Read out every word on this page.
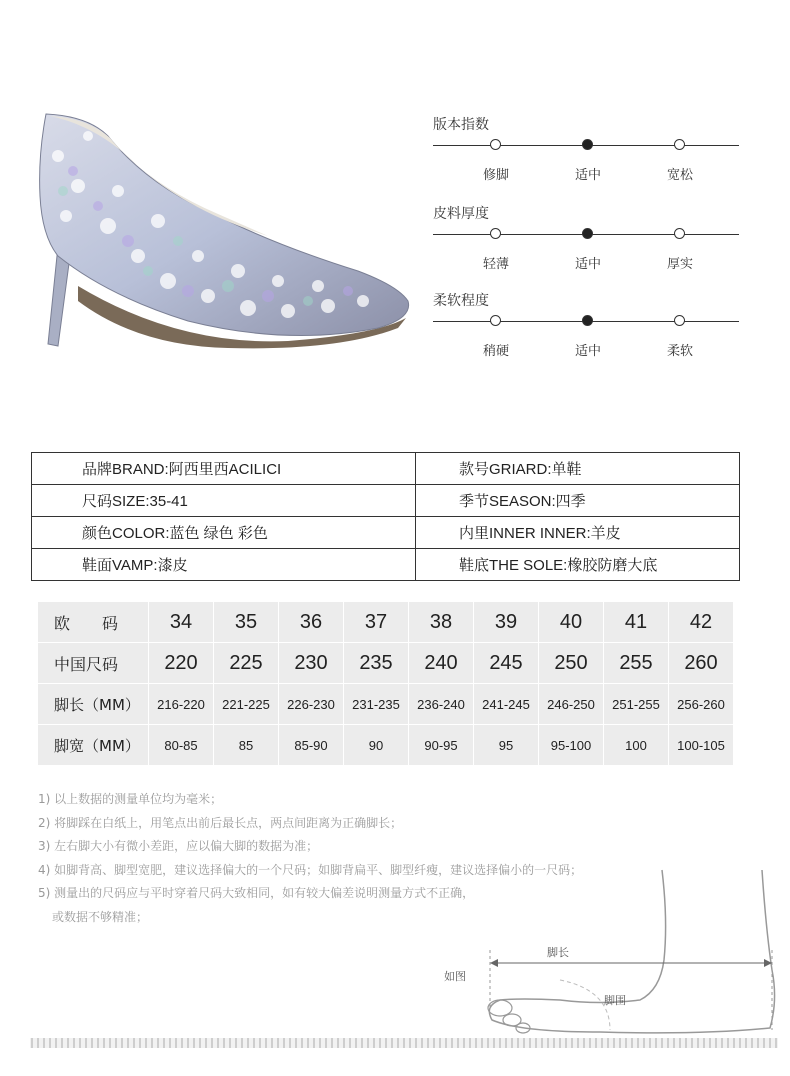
版本指数
修脚	适中	宽松
皮料厚度
轻薄	适中	厚实
柔软程度
稍硬	适中	柔软
品牌BRAND:阿西里西ACILICI	款号GRIARD:单鞋
尺码SIZE:35-41	季节SEASON:四季
颜色COLOR:蓝色 绿色 彩色	内里INNER INNER:羊皮
鞋面VAMP:漆皮	鞋底THE SOLE:橡胶防磨大底
欧　　码	34	35	36	37	38	39	40	41	42
中国尺码	220	225	230	235	240	245	250	255	260
脚长（MM）	216-220	221-225	226-230	231-235	236-240	241-245	246-250	251-255	256-260
脚宽（MM）	80-85	85	85-90	90	90-95	95	95-100	100	100-105
脚长
脚围
如图
1) 以上数据的测量单位均为毫米；
2) 将脚踩在白纸上，用笔点出前后最长点，两点间距离为正确脚长；
3) 左右脚大小有微小差距，应以偏大脚的数据为准；
4) 如脚背高、脚型宽肥，建议选择偏大的一个尺码；如脚背扁平、脚型纤瘦，建议选择偏小的一尺码；
5) 测量出的尺码应与平时穿着尺码大致相同，如有较大偏差说明测量方式不正确，
或数据不够精准；
